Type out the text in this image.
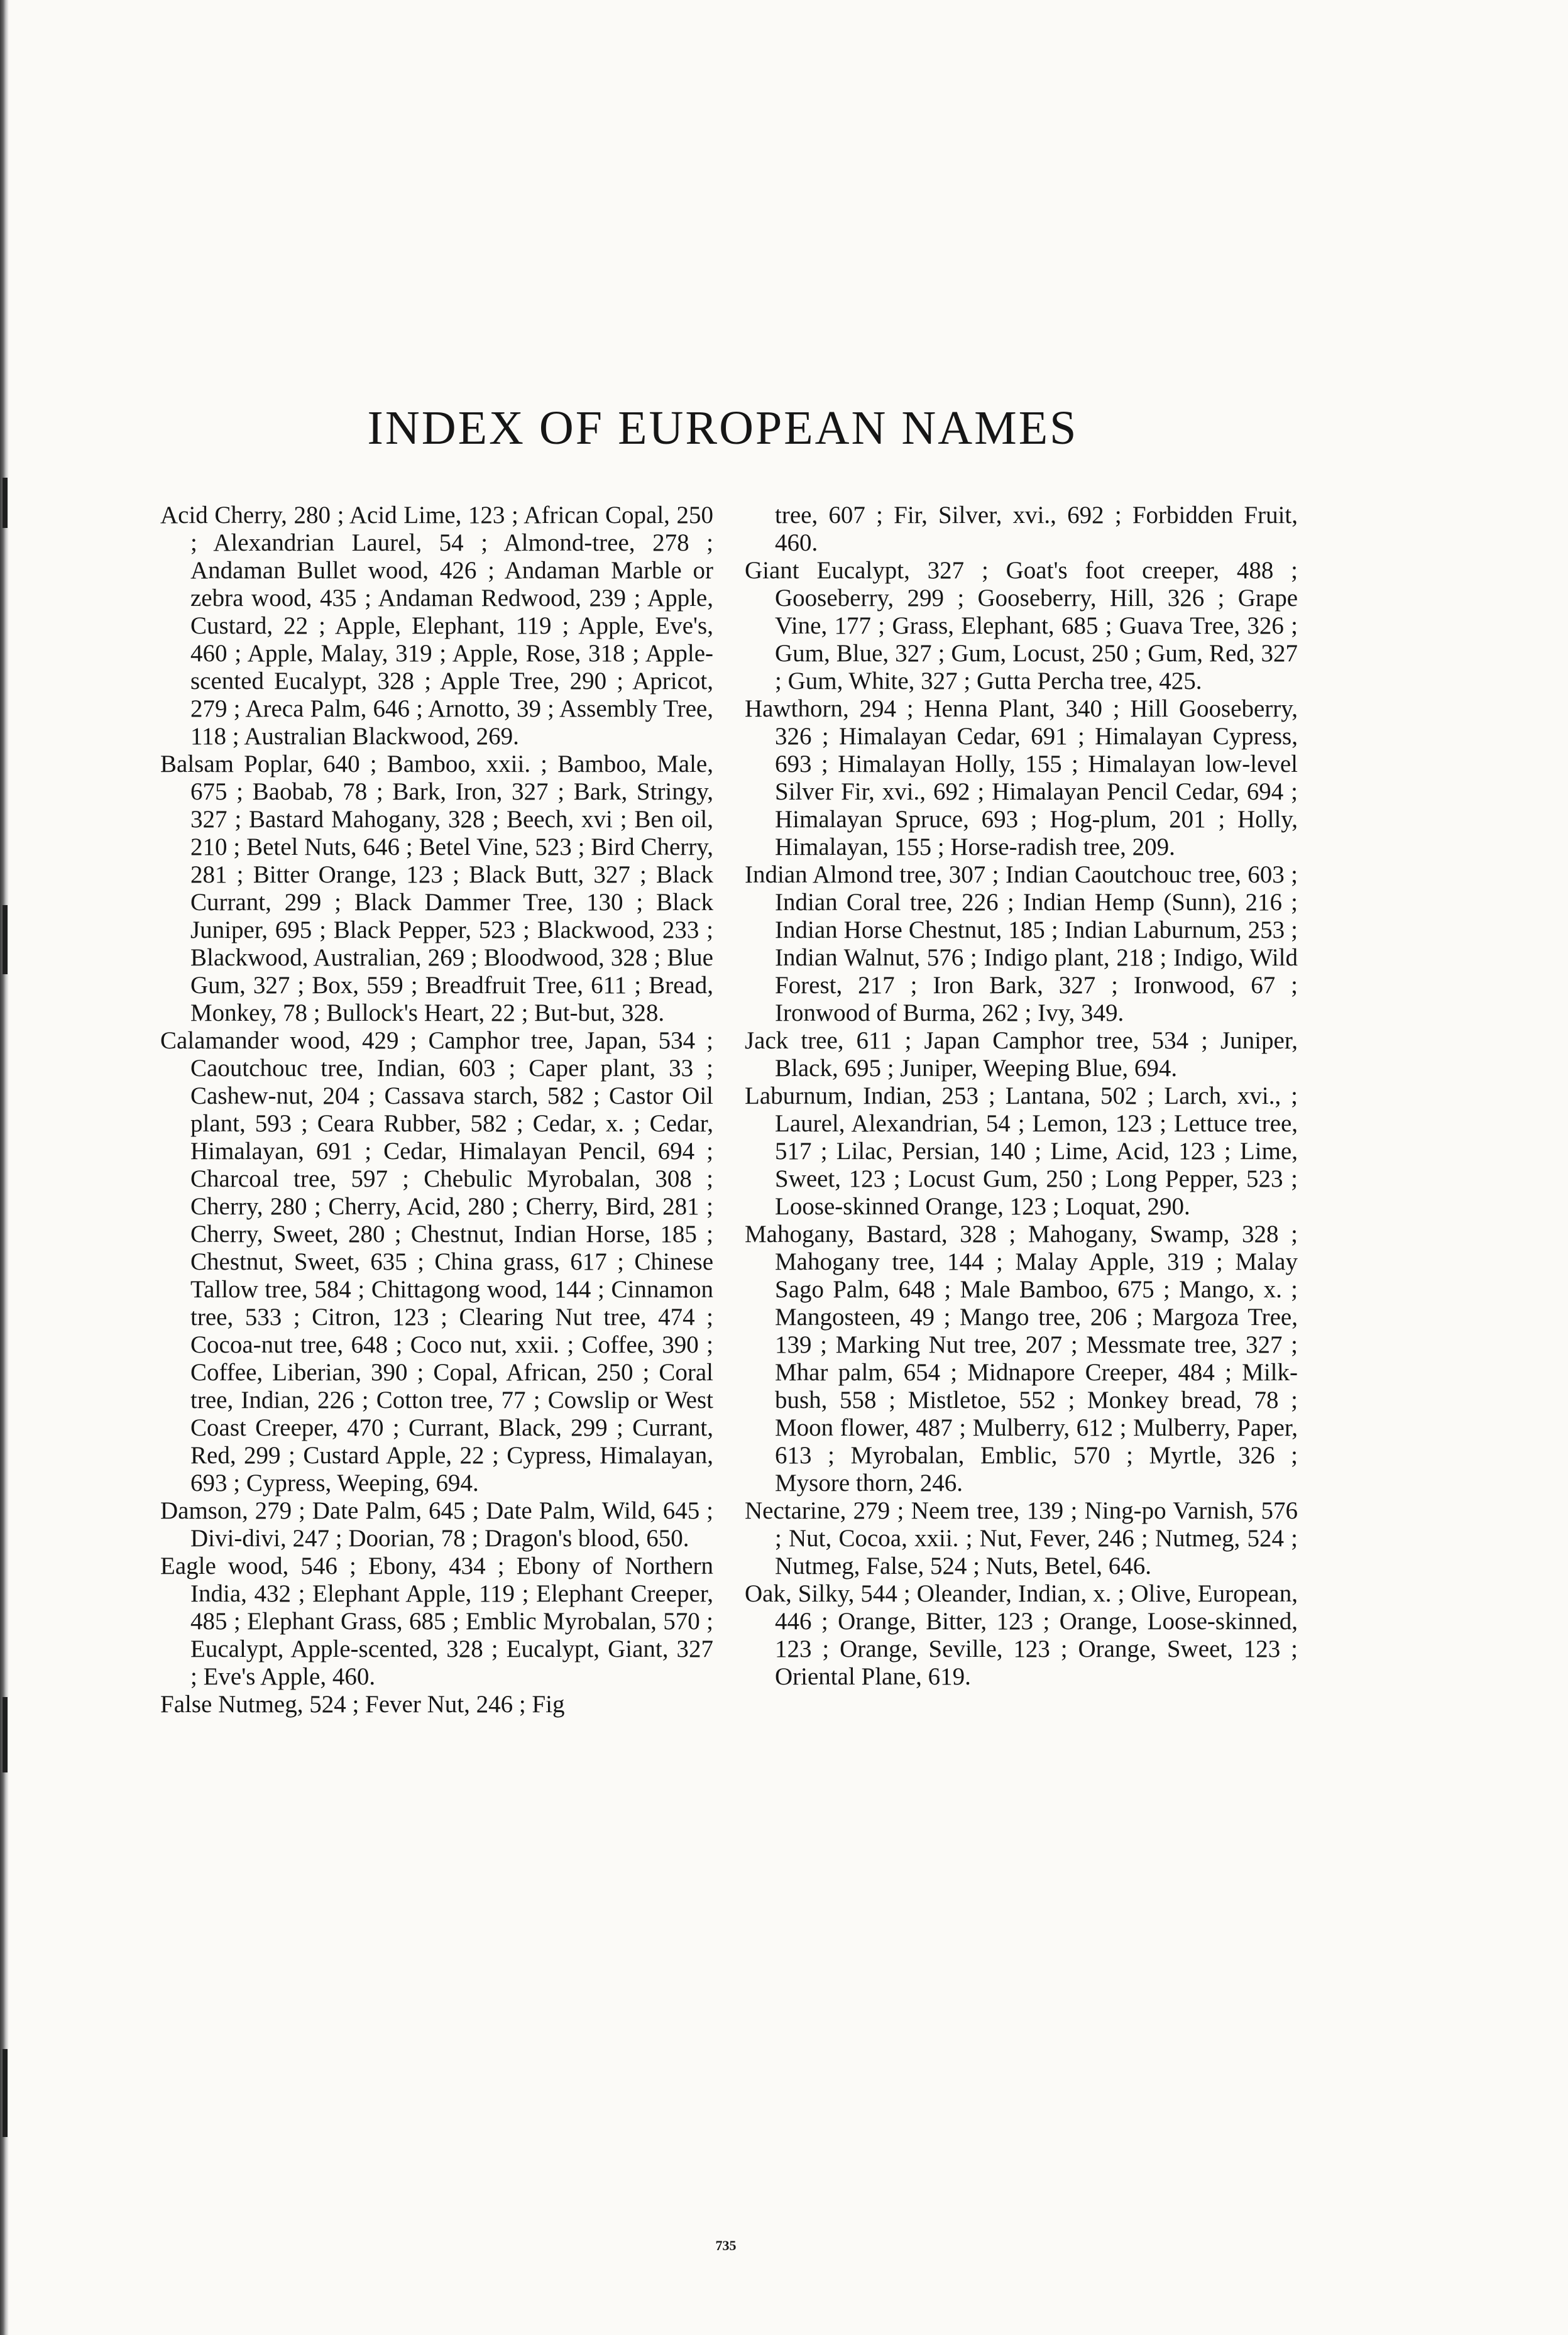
INDEX OF EUROPEAN NAMES

Acid Cherry, 280 ; Acid Lime, 123 ; African Copal, 250 ; Alexandrian Laurel, 54 ; Almond-tree, 278 ; Andaman Bullet wood, 426 ; Andaman Marble or zebra wood, 435 ; Andaman Redwood, 239 ; Apple, Custard, 22 ; Apple, Elephant, 119 ; Apple, Eve's, 460 ; Apple, Malay, 319 ; Apple, Rose, 318 ; Apple-scented Eucalypt, 328 ; Apple Tree, 290 ; Apricot, 279 ; Areca Palm, 646 ; Arnotto, 39 ; Assembly Tree, 118 ; Australian Blackwood, 269.

Balsam Poplar, 640 ; Bamboo, xxii. ; Bamboo, Male, 675 ; Baobab, 78 ; Bark, Iron, 327 ; Bark, Stringy, 327 ; Bastard Mahogany, 328 ; Beech, xvi ; Ben oil, 210 ; Betel Nuts, 646 ; Betel Vine, 523 ; Bird Cherry, 281 ; Bitter Orange, 123 ; Black Butt, 327 ; Black Currant, 299 ; Black Dammer Tree, 130 ; Black Juniper, 695 ; Black Pepper, 523 ; Blackwood, 233 ; Blackwood, Australian, 269 ; Bloodwood, 328 ; Blue Gum, 327 ; Box, 559 ; Breadfruit Tree, 611 ; Bread, Monkey, 78 ; Bullock's Heart, 22 ; But-but, 328.

Calamander wood, 429 ; Camphor tree, Japan, 534 ; Caoutchouc tree, Indian, 603 ; Caper plant, 33 ; Cashew-nut, 204 ; Cassava starch, 582 ; Castor Oil plant, 593 ; Ceara Rubber, 582 ; Cedar, x. ; Cedar, Himalayan, 691 ; Cedar, Himalayan Pencil, 694 ; Charcoal tree, 597 ; Chebulic Myrobalan, 308 ; Cherry, 280 ; Cherry, Acid, 280 ; Cherry, Bird, 281 ; Cherry, Sweet, 280 ; Chestnut, Indian Horse, 185 ; Chestnut, Sweet, 635 ; China grass, 617 ; Chinese Tallow tree, 584 ; Chittagong wood, 144 ; Cinnamon tree, 533 ; Citron, 123 ; Clearing Nut tree, 474 ; Cocoa-nut tree, 648 ; Coco nut, xxii. ; Coffee, 390 ; Coffee, Liberian, 390 ; Copal, African, 250 ; Coral tree, Indian, 226 ; Cotton tree, 77 ; Cowslip or West Coast Creeper, 470 ; Currant, Black, 299 ; Currant, Red, 299 ; Custard Apple, 22 ; Cypress, Himalayan, 693 ; Cypress, Weeping, 694.

Damson, 279 ; Date Palm, 645 ; Date Palm, Wild, 645 ; Divi-divi, 247 ; Doorian, 78 ; Dragon's blood, 650.

Eagle wood, 546 ; Ebony, 434 ; Ebony of Northern India, 432 ; Elephant Apple, 119 ; Elephant Creeper, 485 ; Elephant Grass, 685 ; Emblic Myrobalan, 570 ; Eucalypt, Apple-scented, 328 ; Eucalypt, Giant, 327 ; Eve's Apple, 460.

False Nutmeg, 524 ; Fever Nut, 246 ; Fig

tree, 607 ; Fir, Silver, xvi., 692 ; Forbidden Fruit, 460.

Giant Eucalypt, 327 ; Goat's foot creeper, 488 ; Gooseberry, 299 ; Gooseberry, Hill, 326 ; Grape Vine, 177 ; Grass, Elephant, 685 ; Guava Tree, 326 ; Gum, Blue, 327 ; Gum, Locust, 250 ; Gum, Red, 327 ; Gum, White, 327 ; Gutta Percha tree, 425.

Hawthorn, 294 ; Henna Plant, 340 ; Hill Gooseberry, 326 ; Himalayan Cedar, 691 ; Himalayan Cypress, 693 ; Himalayan Holly, 155 ; Himalayan low-level Silver Fir, xvi., 692 ; Himalayan Pencil Cedar, 694 ; Himalayan Spruce, 693 ; Hog-plum, 201 ; Holly, Himalayan, 155 ; Horse-radish tree, 209.

Indian Almond tree, 307 ; Indian Caoutchouc tree, 603 ; Indian Coral tree, 226 ; Indian Hemp (Sunn), 216 ; Indian Horse Chestnut, 185 ; Indian Laburnum, 253 ; Indian Walnut, 576 ; Indigo plant, 218 ; Indigo, Wild Forest, 217 ; Iron Bark, 327 ; Ironwood, 67 ; Ironwood of Burma, 262 ; Ivy, 349.

Jack tree, 611 ; Japan Camphor tree, 534 ; Juniper, Black, 695 ; Juniper, Weeping Blue, 694.

Laburnum, Indian, 253 ; Lantana, 502 ; Larch, xvi., ; Laurel, Alexandrian, 54 ; Lemon, 123 ; Lettuce tree, 517 ; Lilac, Persian, 140 ; Lime, Acid, 123 ; Lime, Sweet, 123 ; Locust Gum, 250 ; Long Pepper, 523 ; Loose-skinned Orange, 123 ; Loquat, 290.

Mahogany, Bastard, 328 ; Mahogany, Swamp, 328 ; Mahogany tree, 144 ; Malay Apple, 319 ; Malay Sago Palm, 648 ; Male Bamboo, 675 ; Mango, x. ; Mangosteen, 49 ; Mango tree, 206 ; Margoza Tree, 139 ; Marking Nut tree, 207 ; Messmate tree, 327 ; Mhar palm, 654 ; Midnapore Creeper, 484 ; Milk-bush, 558 ; Mistletoe, 552 ; Monkey bread, 78 ; Moon flower, 487 ; Mulberry, 612 ; Mulberry, Paper, 613 ; Myrobalan, Emblic, 570 ; Myrtle, 326 ; Mysore thorn, 246.

Nectarine, 279 ; Neem tree, 139 ; Ning-po Varnish, 576 ; Nut, Cocoa, xxii. ; Nut, Fever, 246 ; Nutmeg, 524 ; Nutmeg, False, 524 ; Nuts, Betel, 646.

Oak, Silky, 544 ; Oleander, Indian, x. ; Olive, European, 446 ; Orange, Bitter, 123 ; Orange, Loose-skinned, 123 ; Orange, Seville, 123 ; Orange, Sweet, 123 ; Oriental Plane, 619.

735
